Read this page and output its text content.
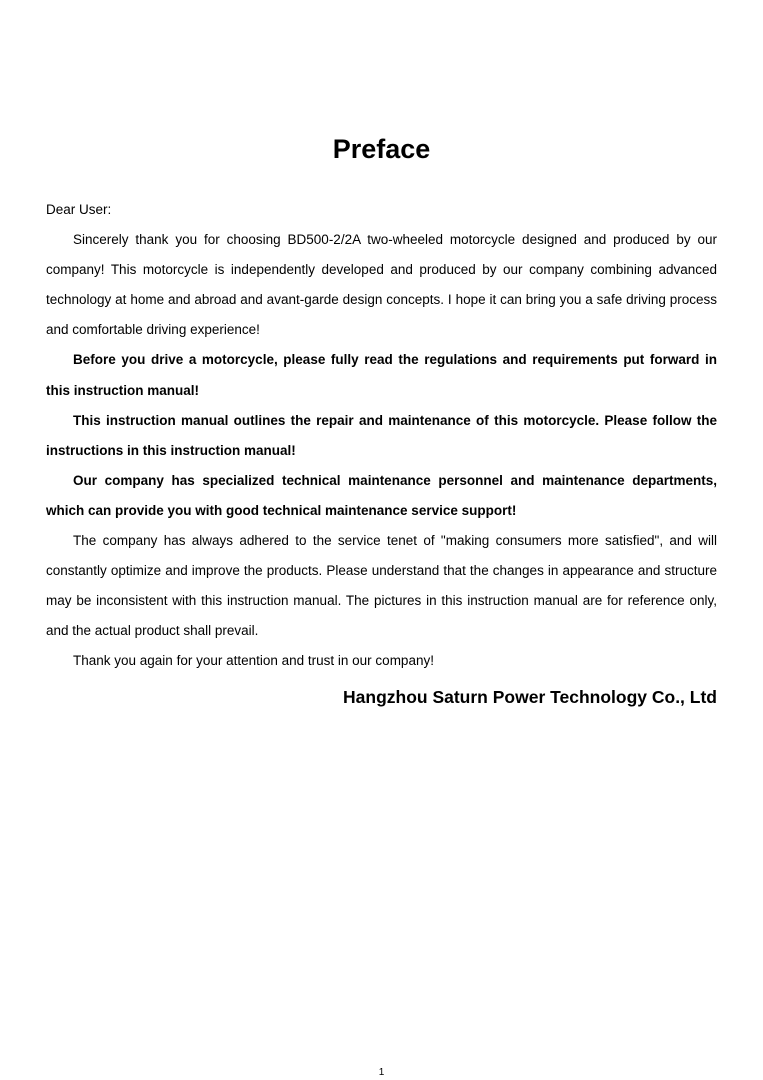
Preface

Dear User:

Sincerely thank you for choosing BD500-2/2A two-wheeled motorcycle designed and produced by our company! This motorcycle is independently developed and produced by our company combining advanced technology at home and abroad and avant-garde design concepts. I hope it can bring you a safe driving process and comfortable driving experience!

Before you drive a motorcycle, please fully read the regulations and requirements put forward in this instruction manual!

This instruction manual outlines the repair and maintenance of this motorcycle. Please follow the instructions in this instruction manual!

Our company has specialized technical maintenance personnel and maintenance departments, which can provide you with good technical maintenance service support!

The company has always adhered to the service tenet of "making consumers more satisfied", and will constantly optimize and improve the products. Please understand that the changes in appearance and structure may be inconsistent with this instruction manual. The pictures in this instruction manual are for reference only, and the actual product shall prevail.

Thank you again for your attention and trust in our company!

Hangzhou Saturn Power Technology Co., Ltd
1
